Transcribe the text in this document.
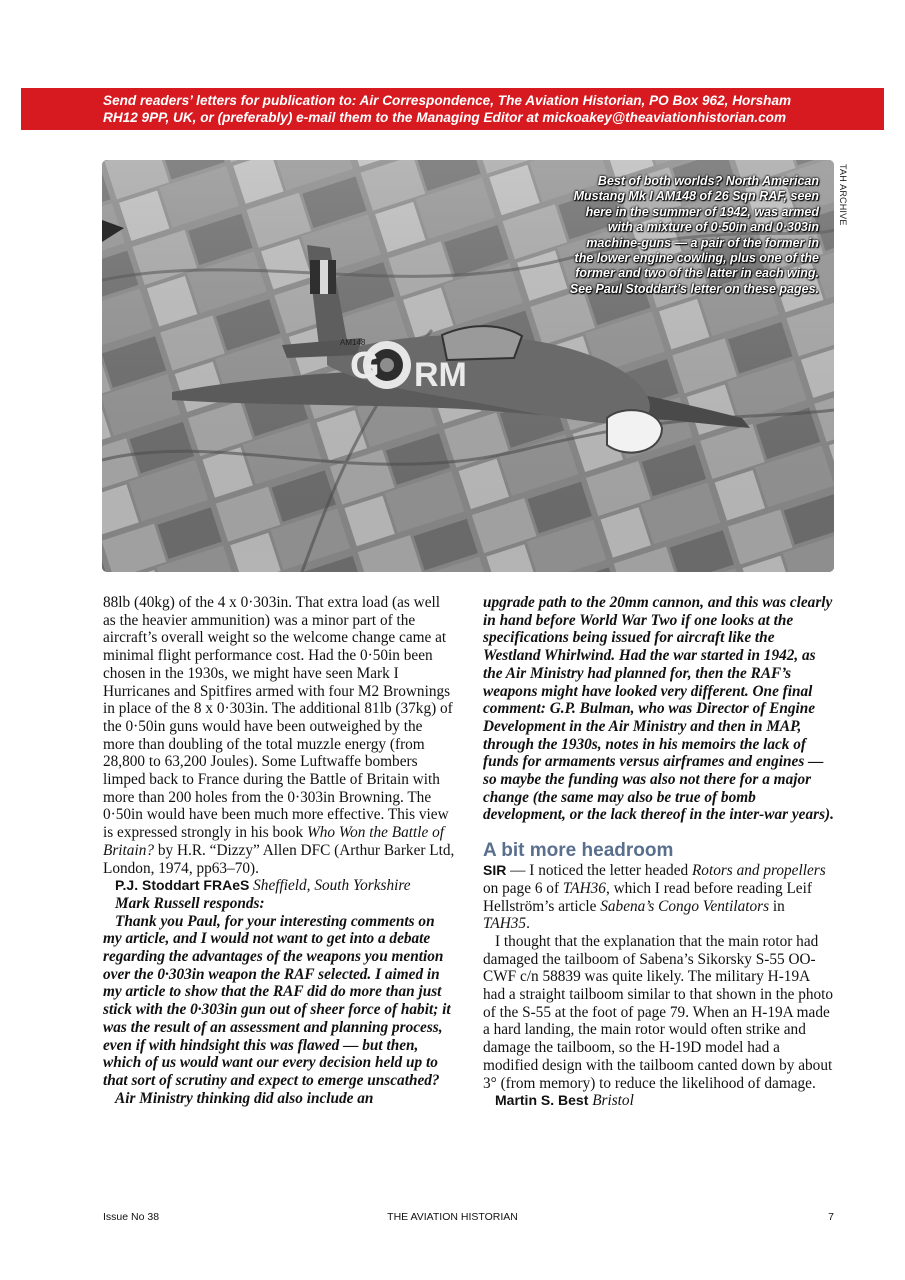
Send readers’ letters for publication to: Air Correspondence, The Aviation Historian, PO Box 962, Horsham
RH12 9PP, UK, or (preferably) e-mail them to the Managing Editor at mickoakey@theaviationhistorian.com
G RM
AM148
Best of both worlds? North American Mustang Mk I AM148 of 26 Sqn RAF, seen here in the summer of 1942, was armed with a mixture of 0·50in and 0·303in machine-guns — a pair of the former in the lower engine cowling, plus one of the former and two of the latter in each wing. See Paul Stoddart’s letter on these pages.
TAH ARCHIVE

88lb (40kg) of the 4 x 0·303in. That extra load (as well as the heavier ammunition) was a minor part of the aircraft’s overall weight so the welcome change came at minimal flight performance cost. Had the 0·50in been chosen in the 1930s, we might have seen Mark I Hurricanes and Spitfires armed with four M2 Brownings in place of the 8 x 0·303in. The additional 81lb (37kg) of the 0·50in guns would have been outweighed by the more than doubling of the total muzzle energy (from 28,800 to 63,200 Joules). Some Luftwaffe bombers limped back to France during the Battle of Britain with more than 200 holes from the 0·303in Browning. The 0·50in would have been much more effective. This view is expressed strongly in his book Who Won the Battle of Britain? by H.R. “Dizzy” Allen DFC (Arthur Barker Ltd, London, 1974, pp63–70).

P.J. Stoddart FRAeS Sheffield, South Yorkshire

Mark Russell responds:

Thank you Paul, for your interesting comments on my article, and I would not want to get into a debate regarding the advantages of the weapons you mention over the 0·303in weapon the RAF selected. I aimed in my article to show that the RAF did do more than just stick with the 0·303in gun out of sheer force of habit; it was the result of an assessment and planning process, even if with hindsight this was flawed — but then, which of us would want our every decision held up to that sort of scrutiny and expect to emerge unscathed?

Air Ministry thinking did also include an

upgrade path to the 20mm cannon, and this was clearly in hand before World War Two if one looks at the specifications being issued for aircraft like the Westland Whirlwind. Had the war started in 1942, as the Air Ministry had planned for, then the RAF’s weapons might have looked very different. One final comment: G.P. Bulman, who was Director of Engine Development in the Air Ministry and then in MAP, through the 1930s, notes in his memoirs the lack of funds for armaments versus airframes and engines — so maybe the funding was also not there for a major change (the same may also be true of bomb development, or the lack thereof in the inter-war years).

A bit more headroom

SIR — I noticed the letter headed Rotors and propellers on page 6 of TAH36, which I read before reading Leif Hellström’s article Sabena’s Congo Ventilators in TAH35.

I thought that the explanation that the main rotor had damaged the tailboom of Sabena’s Sikorsky S-55 OO-CWF c/n 58839 was quite likely. The military H-19A had a straight tailboom similar to that shown in the photo of the S-55 at the foot of page 79. When an H-19A made a hard landing, the main rotor would often strike and damage the tailboom, so the H-19D model had a modified design with the tailboom canted down by about 3° (from memory) to reduce the likelihood of damage.

Martin S. Best Bristol

Issue No 38	THE AVIATION HISTORIAN	7
